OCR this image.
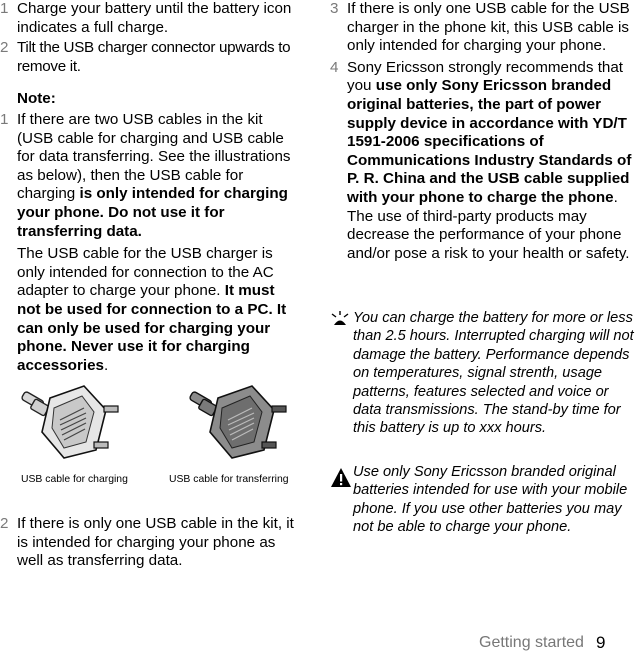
1 Charge your battery until the battery icon indicates a full charge.
2 Tilt the USB charger connector upwards to remove it.
Note:
1 If there are two USB cables in the kit (USB cable for charging and USB cable for data transferring. See the illustrations as below), then the USB cable for charging is only intended for charging your phone. Do not use it for transferring data.
The USB cable for the USB charger is only intended for connection to the AC adapter to charge your phone. It must not be used for connection to a PC. It can only be used for charging your phone. Never use it for charging accessories.
USB cable for charging	USB cable for transferring
2 If there is only one USB cable in the kit, it is intended for charging your phone as well as transferring data.
3 If there is only one USB cable for the USB charger in the phone kit, this USB cable is only intended for charging your phone.
4 Sony Ericsson strongly recommends that you use only Sony Ericsson branded original batteries, the part of power supply device in accordance with YD/T 1591-2006 specifications of Communications Industry Standards of P. R. China and the USB cable supplied with your phone to charge the phone. The use of third-party products may decrease the performance of your phone and/or pose a risk to your health or safety.
You can charge the battery for more or less than 2.5 hours. Interrupted charging will not damage the battery. Performance depends on temperatures, signal strenth, usage patterns, features selected and voice or data transmissions. The stand-by time for this battery is up to xxx hours.
Use only Sony Ericsson branded original batteries intended for use with your mobile phone. If you use other batteries you may not be able to charge your phone.
Getting started 9
